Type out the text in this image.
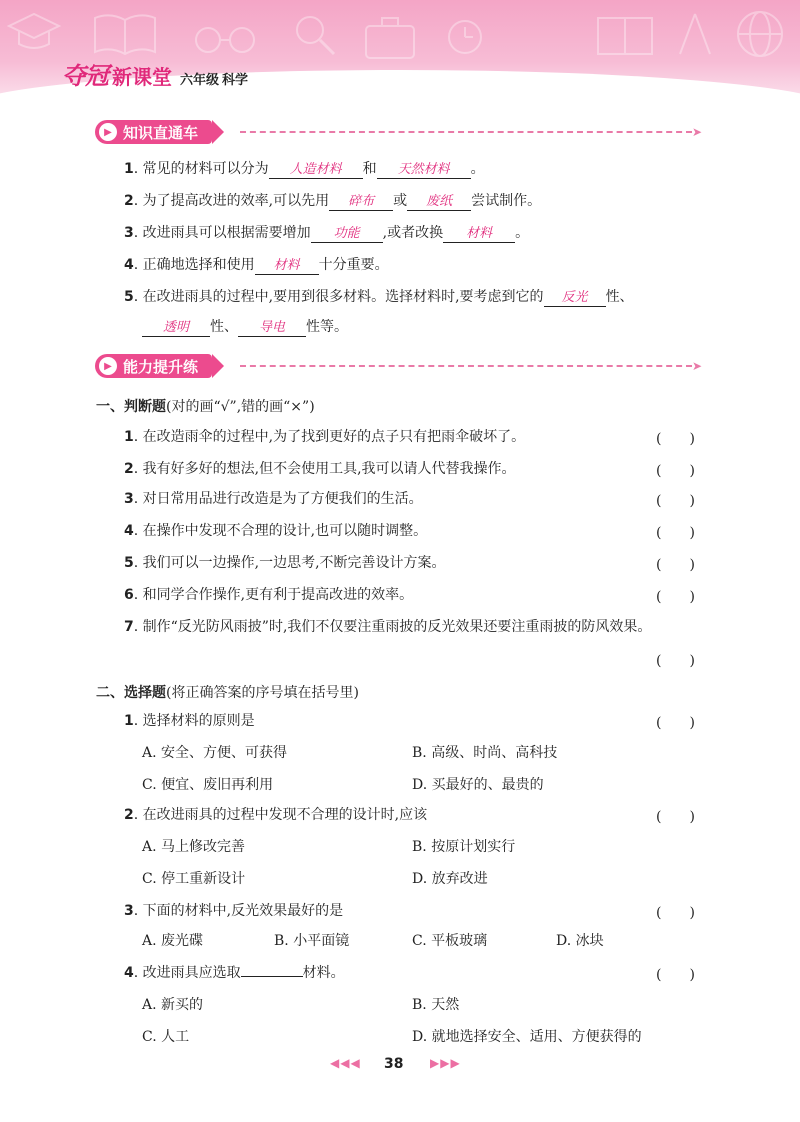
夺冠 新课堂 六年级 科学
▶ 知识直通车	➤
1. 常见的材料可以分为 人造材料 和 天然材料 。
2. 为了提高改进的效率,可以先用 碎布 或 废纸 尝试制作。
3. 改进雨具可以根据需要增加 功能 ,或者改换 材料 。
4. 正确地选择和使用 材料 十分重要。
5. 在改进雨具的过程中,要用到很多材料。选择材料时,要考虑到它的 反光 性、
透明 性、 导电 性等。
▶ 能力提升练	➤
一、判断题(对的画“√”,错的画“×”)
1. 在改造雨伞的过程中,为了找到更好的点子只有把雨伞破坏了。	(　　)
2. 我有好多好的想法,但不会使用工具,我可以请人代替我操作。	(　　)
3. 对日常用品进行改造是为了方便我们的生活。	(　　)
4. 在操作中发现不合理的设计,也可以随时调整。	(　　)
5. 我们可以一边操作,一边思考,不断完善设计方案。	(　　)
6. 和同学合作操作,更有利于提高改进的效率。	(　　)
7. 制作“反光防风雨披”时,我们不仅要注重雨披的反光效果还要注重雨披的防风效果。
(　　)
二、选择题(将正确答案的序号填在括号里)
1. 选择材料的原则是	(　　)
A. 安全、方便、可获得	B. 高级、时尚、高科技
C. 便宜、废旧再利用	D. 买最好的、最贵的
2. 在改进雨具的过程中发现不合理的设计时,应该	(　　)
A. 马上修改完善	B. 按原计划实行
C. 停工重新设计	D. 放弃改进
3. 下面的材料中,反光效果最好的是	(　　)
A. 废光碟	B. 小平面镜	C. 平板玻璃	D. 冰块
4. 改进雨具应选取	材料。	(　　)
A. 新买的	B. 天然
C. 人工	D. 就地选择安全、适用、方便获得的
◀◀◀ 38 ▶▶▶
